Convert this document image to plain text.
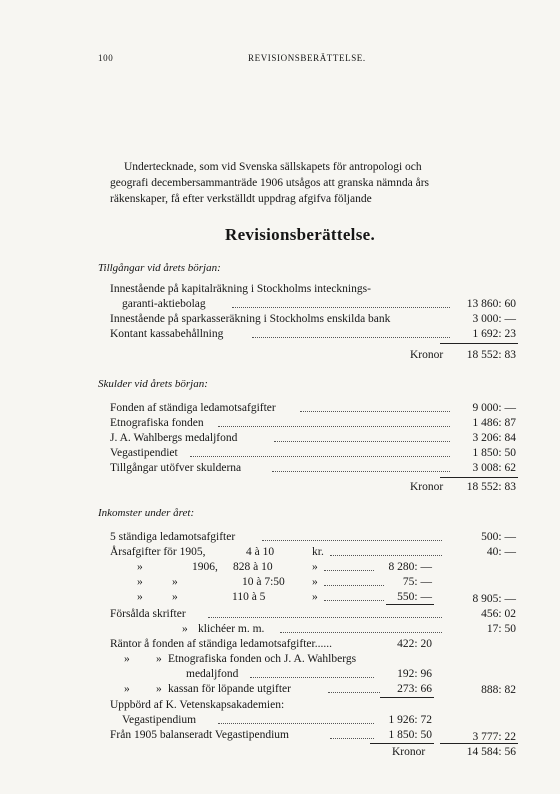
100	REVISIONSBERÄTTELSE.
Undertecknade, som vid Svenska sällskapets för antropologi och
geografi decembersammanträde 1906 utsågos att granska nämnda års
räkenskaper, få efter verkställdt uppdrag afgifva följande
Revisionsberättelse.
Tillgångar vid årets början:
Innestående på kapitalräkning i Stockholms intecknings-
garanti-aktiebolag	13 860: 60
Innestående på sparkasseräkning i Stockholms enskilda bank	3 000: —
Kontant kassabehållning	1 692: 23
Kronor	18 552: 83
Skulder vid årets början:
Fonden af ständiga ledamotsafgifter	9 000: —
Etnografiska fonden	1 486: 87
J. A. Wahlbergs medaljfond	3 206: 84
Vegastipendiet	1 850: 50
Tillgångar utöfver skulderna	3 008: 62
Kronor	18 552: 83
Inkomster under året:
5 ständiga ledamotsafgifter	500: —
Årsafgifter för 1905,	4 à 10	kr.	40: —
»	1906, 828 à 10	»	8 280: —
»	»	10 à 7:50 »	75: —
»	»	110 à 5	»	550: —	8 905: —
Försålda skrifter	456: 02
» klichéer m. m.	17: 50
Räntor å fonden af ständiga ledamotsafgifter......	422: 20
» » Etnografiska fonden och J. A. Wahlbergs
medaljfond	192: 96
» » kassan för löpande utgifter	273: 66	888: 82
Uppbörd af K. Vetenskapsakademien:
Vegastipendium	1 926: 72
Från 1905 balanseradt Vegastipendium	1 850: 50	3 777: 22
Kronor	14 584: 56
